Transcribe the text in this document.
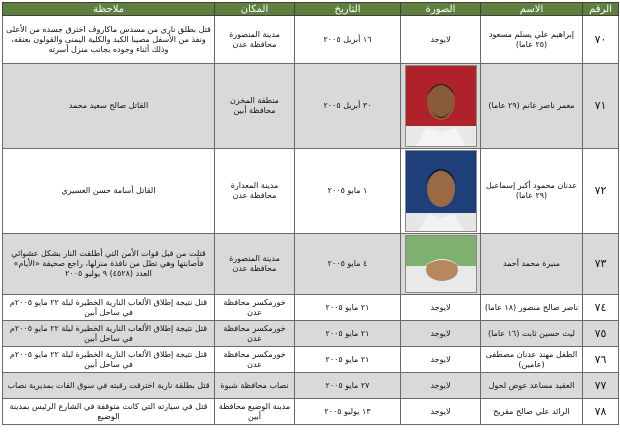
الرقم	الاسم	الصورة	التاريخ	المكان	ملاحظة
٧٠	إبراهيم علي يسلم مسعود (٢٥ عاما)	لايوجد	١٦ أبريل ٢٠٠٥	مدينة المنصورة محافظة عدن	قتل بطلق ناري من مسدس ماكاروف اخترق جسده من الأعلى ونفذ من الأسفل مصيبا الكبد والكلية اليمنى والقولون بعنقه، وذلك أثناء وجوده بجانب منزل أسرته
٧١	معمر ناصر غانم (٢٩ عاما)		٣٠ أبريل ٢٠٠٥	منطقة المخزن محافظة أبين	القاتل صالح سعيد محمد
٧٢	عدنان محمود أكبر إسماعيل (٢٩ عاما)		١ مايو ٢٠٠٥	مدينة المعدارة محافظة عدن	القاتل أسامة حسن العسيري
٧٣	منيرة محمد أحمد		٤ مايو ٢٠٠٥	مدينة المنصورة محافظة عدن	قتلت من قبل قوات الأمن التي أطلقت النار بشكل عشوائي فأصابتها وهي تطل من نافذة منزلها، راجع صحيفة «الأيام» العدد (٤٥٢٨) ٩ يوليو ٢٠٠٥
٧٤	ناصر صالح منصور (١٨ عاما)	لايوجد	٢١ مايو ٢٠٠٥	خورمكسر محافظة عدن	قتل نتيجة إطلاق الألعاب النارية الخطيرة ليلة ٢٢ مايو ٢٠٠٥م في ساحل أبين
٧٥	ليث حسين ثابت (١٦ عاما)	لايوجد	٢١ مايو ٢٠٠٥	خورمكسر محافظة عدن	قتل نتيجة إطلاق الألعاب النارية الخطيرة ليلة ٢٢ مايو ٢٠٠٥م في ساحل أبين
٧٦	الطفل مهند عدنان مصطفى (عامين)	لايوجد	٢١ مايو ٢٠٠٥	خورمكسر محافظة عدن	قتل نتيجة إطلاق الألعاب النارية الخطيرة ليلة ٢٢ مايو ٢٠٠٥م في ساحل أبين
٧٧	العقيد مساعد عوض لحول	لايوجد	٢٧ مايو ٢٠٠٥	نصاب محافظة شبوة	قتل بطلقة نارية اخترقت رقبته في سوق القات بمديرية نصاب
٧٨	الرائد علي صالح مقريح	لايوجد	١٣ يوليو ٢٠٠٥	مدينة الوضيع محافظة أبين	قتل في سيارته التي كانت متوقفة في الشارع الرئيس بمدينة الوضيع
